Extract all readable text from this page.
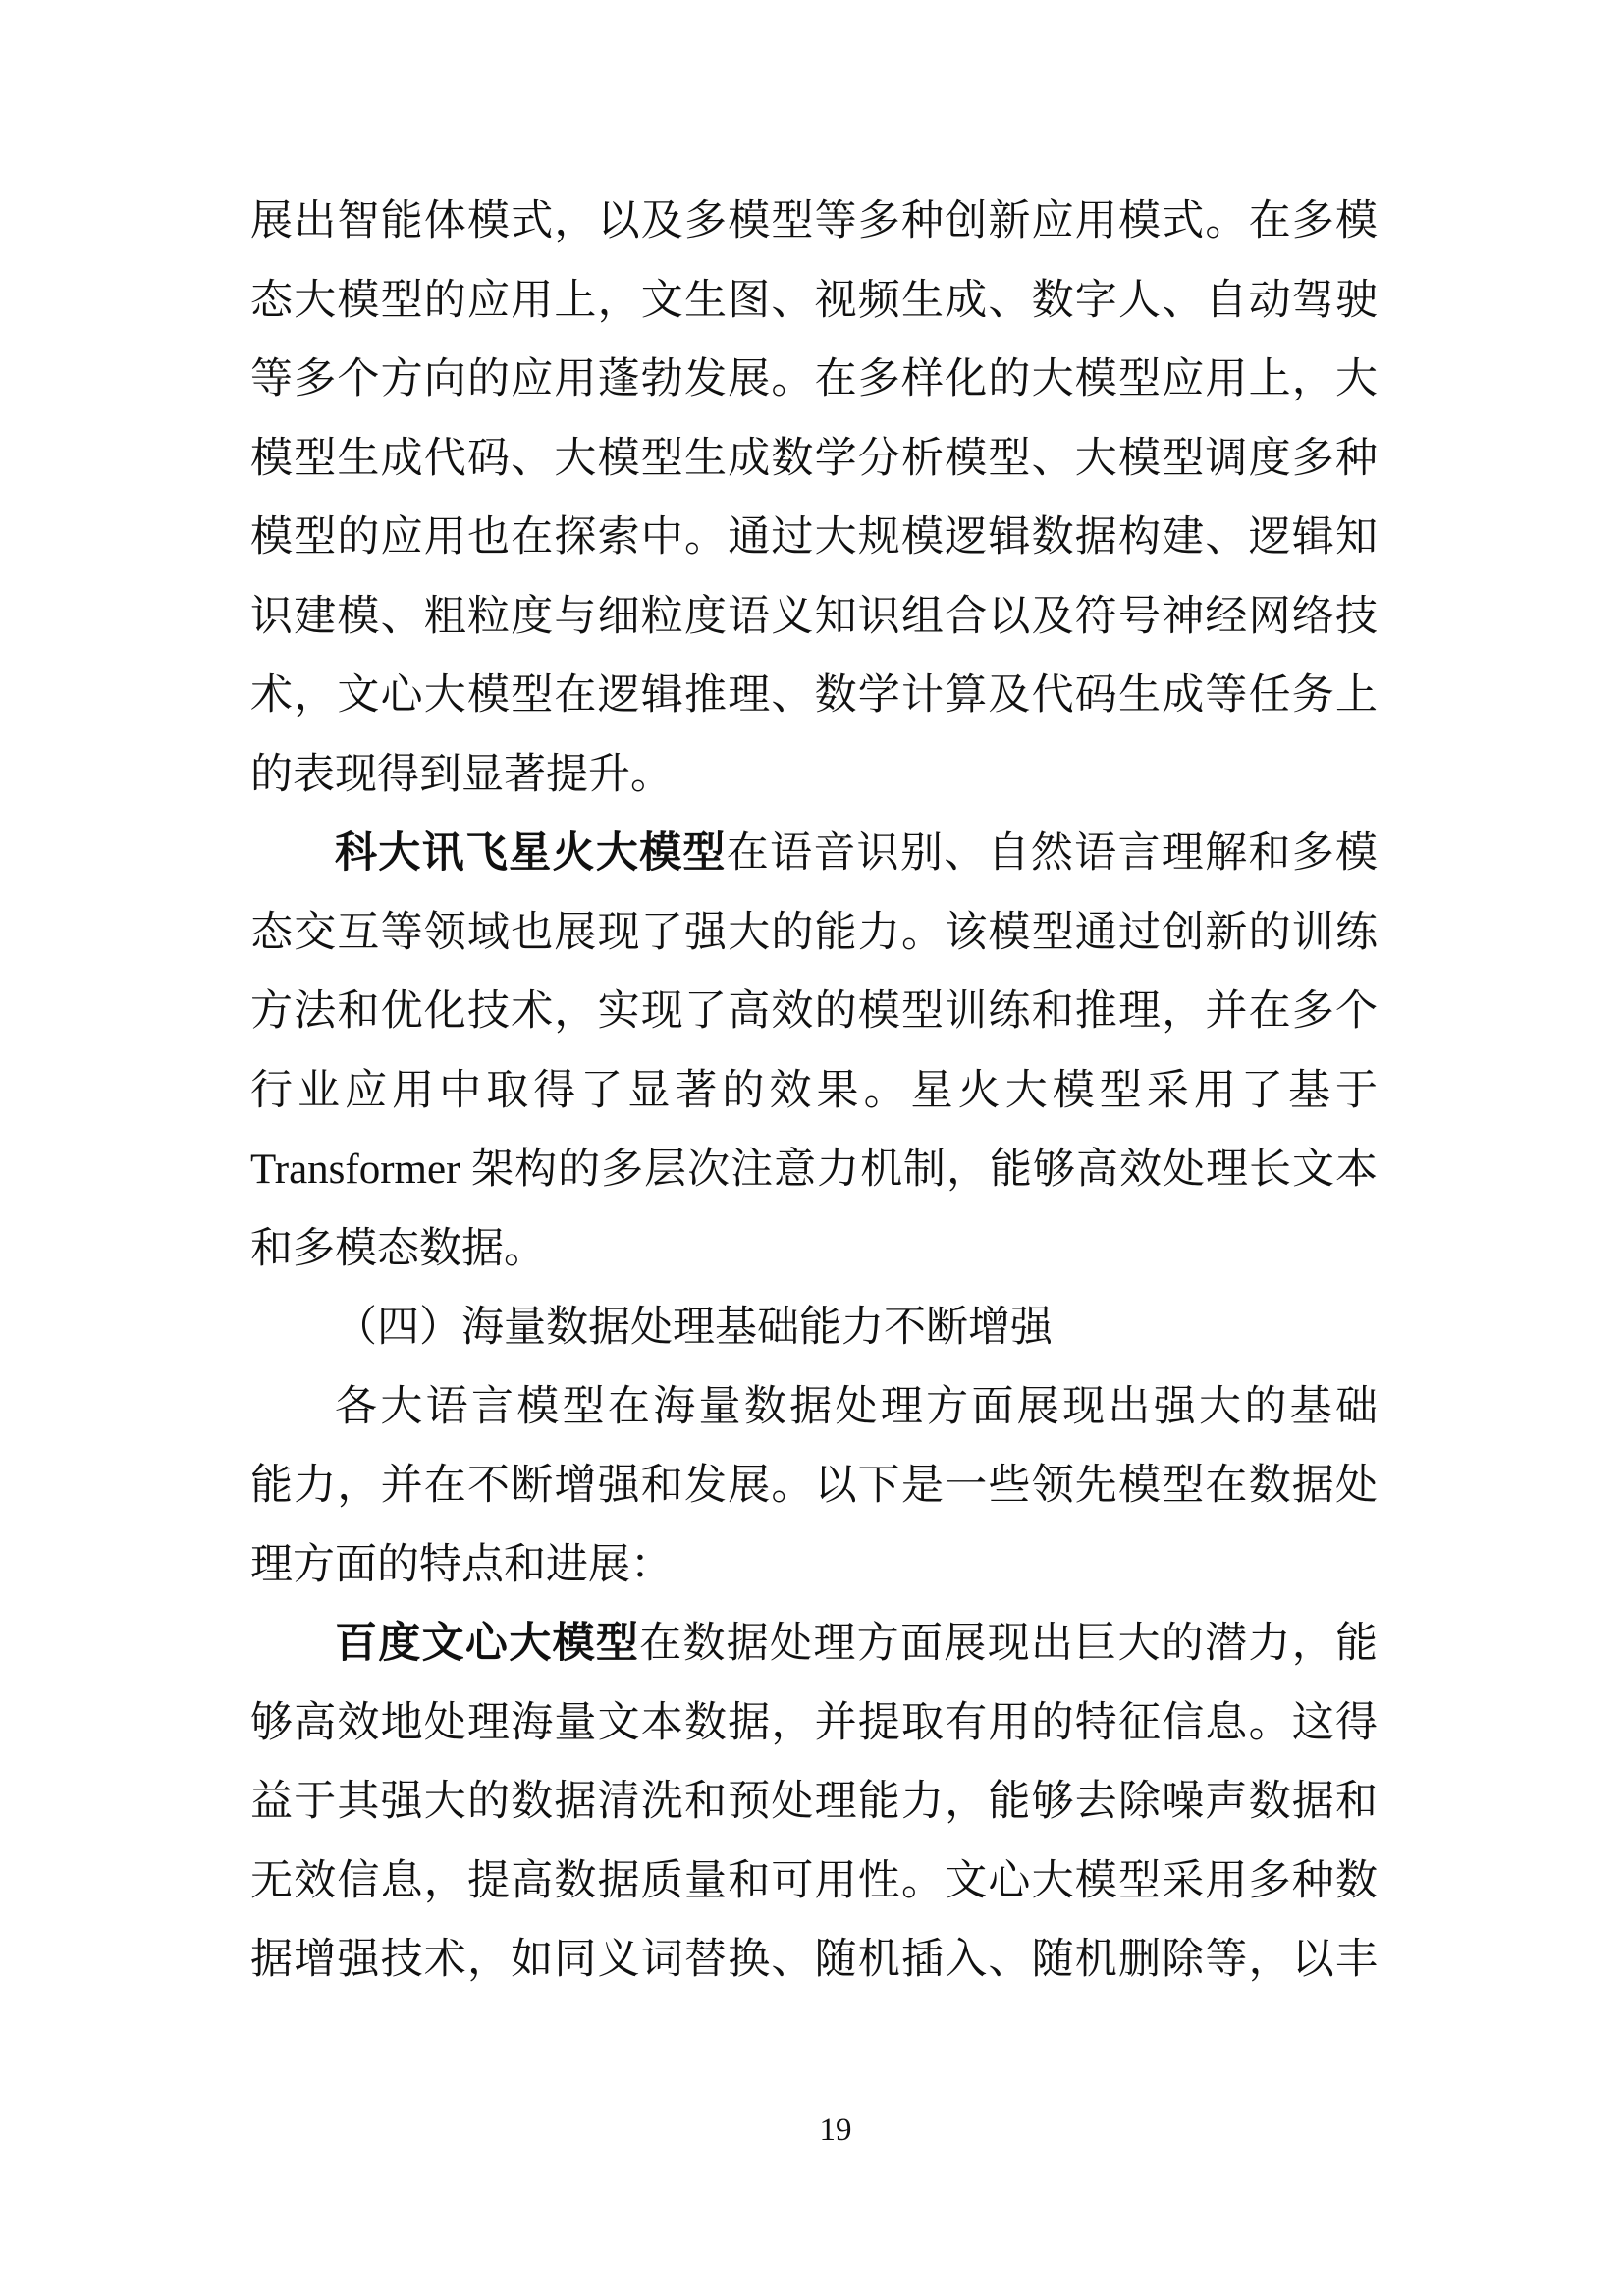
展出智能体模式，以及多模型等多种创新应用模式。在多模
态大模型的应用上，文生图、视频生成、数字人、自动驾驶
等多个方向的应用蓬勃发展。在多样化的大模型应用上，大
模型生成代码、大模型生成数学分析模型、大模型调度多种
模型的应用也在探索中。通过大规模逻辑数据构建、逻辑知
识建模、粗粒度与细粒度语义知识组合以及符号神经网络技
术，文心大模型在逻辑推理、数学计算及代码生成等任务上
的表现得到显著提升。
科大讯飞星火大模型在语音识别、自然语言理解和多模
态交互等领域也展现了强大的能力。该模型通过创新的训练
方法和优化技术，实现了高效的模型训练和推理，并在多个
行业应用中取得了显著的效果。星火大模型采用了基于
Transformer 架构的多层次注意力机制，能够高效处理长文本
和多模态数据。
（四）海量数据处理基础能力不断增强
各大语言模型在海量数据处理方面展现出强大的基础
能力，并在不断增强和发展。以下是一些领先模型在数据处
理方面的特点和进展：
百度文心大模型在数据处理方面展现出巨大的潜力，能
够高效地处理海量文本数据，并提取有用的特征信息。这得
益于其强大的数据清洗和预处理能力，能够去除噪声数据和
无效信息，提高数据质量和可用性。文心大模型采用多种数
据增强技术，如同义词替换、随机插入、随机删除等，以丰
19
